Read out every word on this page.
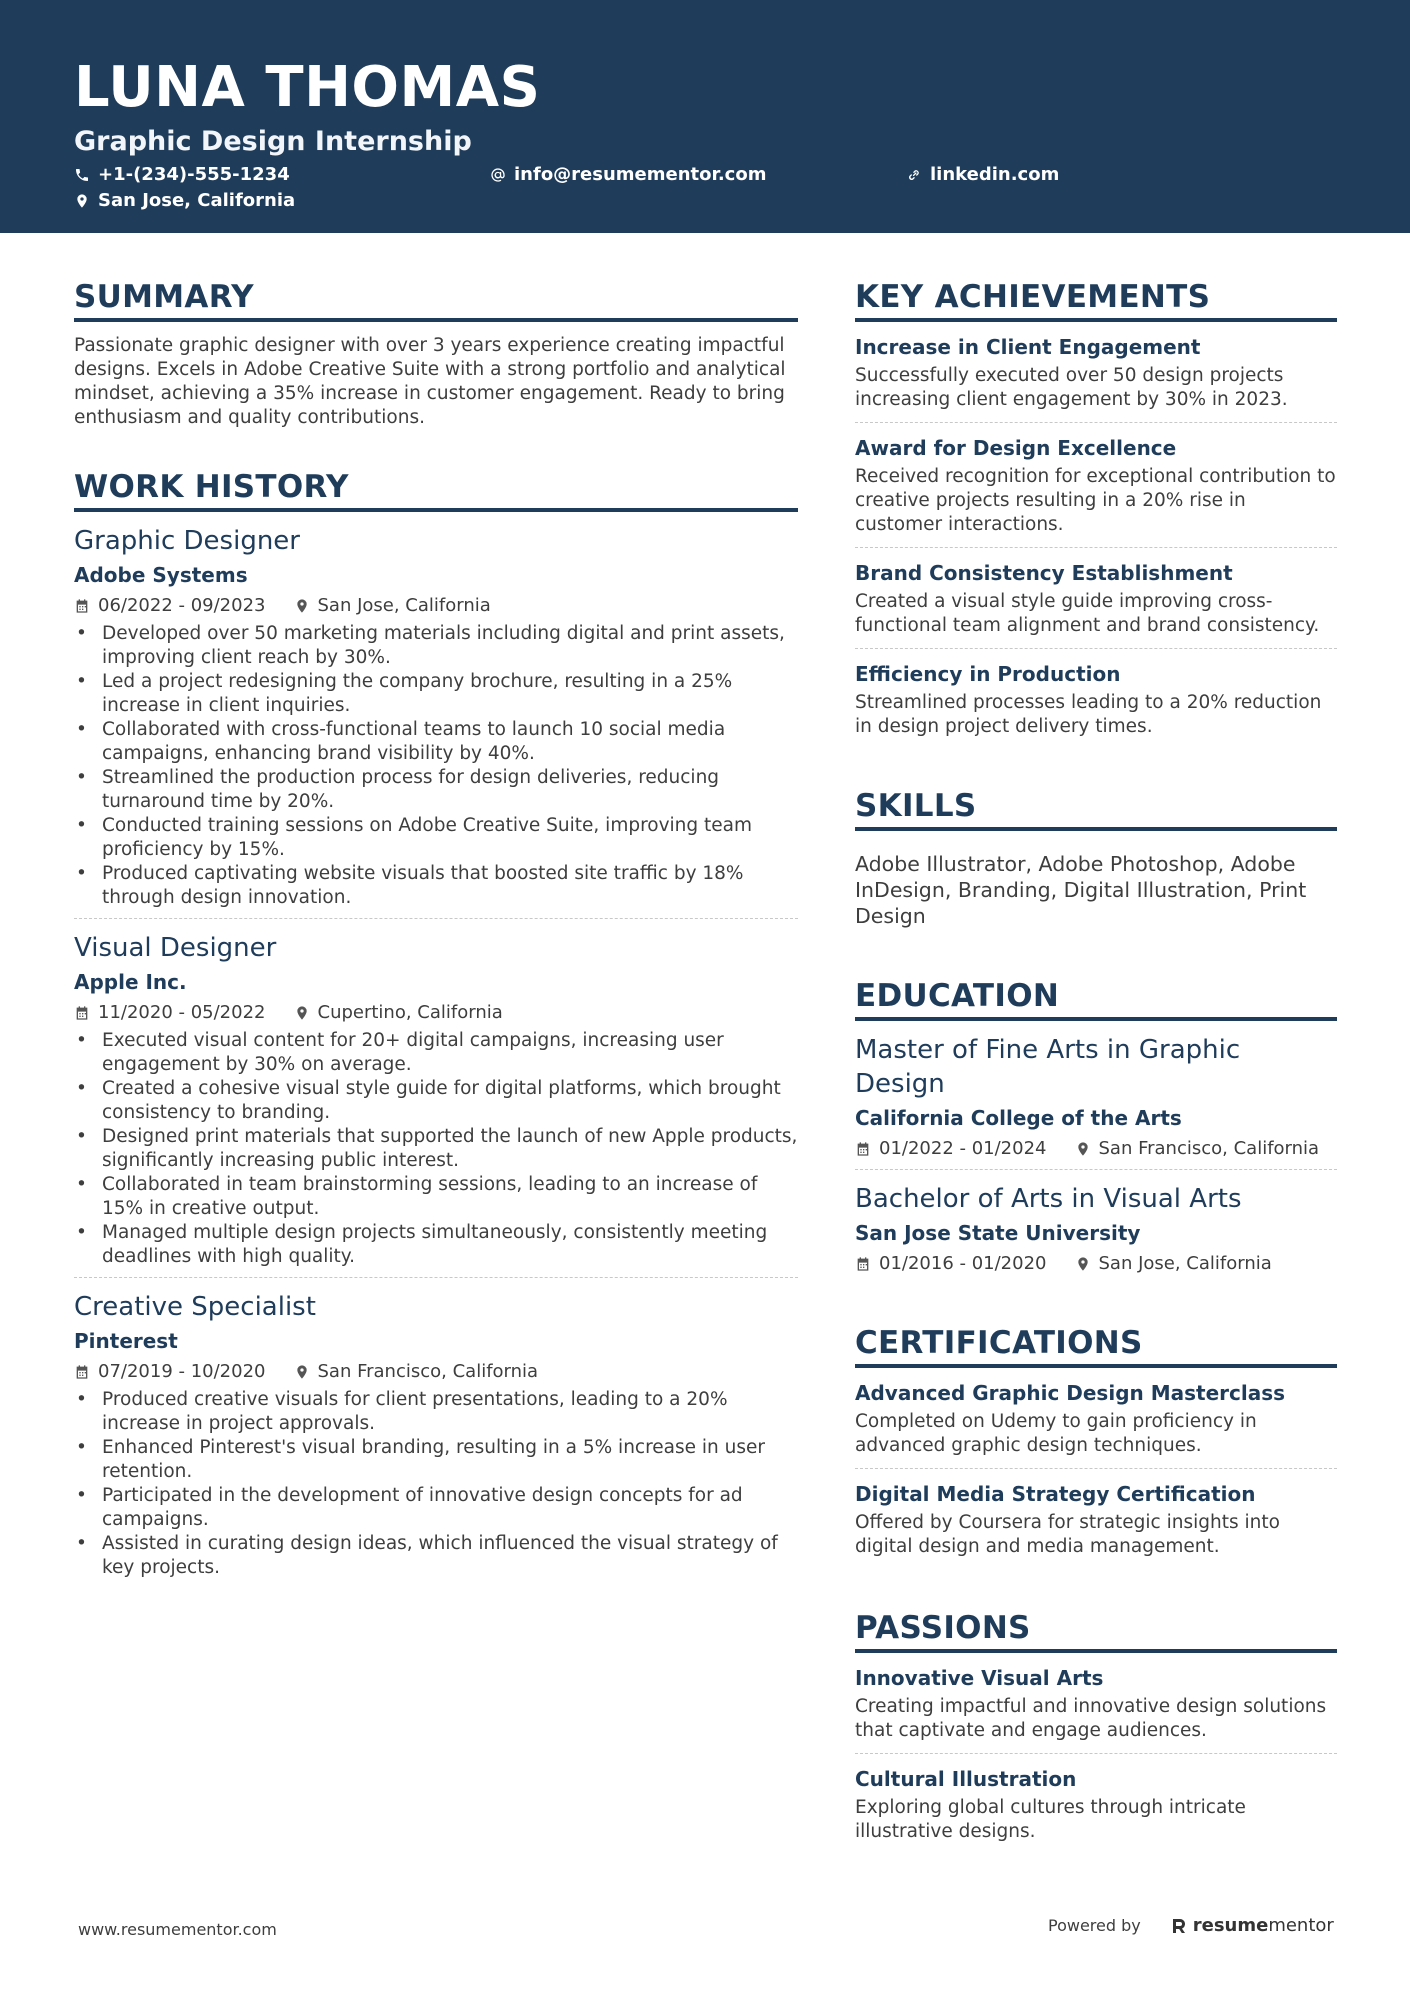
LUNA THOMAS
Graphic Design Internship
+1-(234)-555-1234	info@resumementor.com	linkedin.com
San Jose, California
SUMMARY
Passionate graphic designer with over 3 years experience creating impactful designs. Excels in Adobe Creative Suite with a strong portfolio and analytical mindset, achieving a 35% increase in customer engagement. Ready to bring enthusiasm and quality contributions.
WORK HISTORY
Graphic Designer
Adobe Systems
06/2022 - 09/2023	San Jose, California
• Developed over 50 marketing materials including digital and print assets, improving client reach by 30%.
• Led a project redesigning the company brochure, resulting in a 25% increase in client inquiries.
• Collaborated with cross-functional teams to launch 10 social media campaigns, enhancing brand visibility by 40%.
• Streamlined the production process for design deliveries, reducing turnaround time by 20%.
• Conducted training sessions on Adobe Creative Suite, improving team proficiency by 15%.
• Produced captivating website visuals that boosted site traffic by 18% through design innovation.
Visual Designer
Apple Inc.
11/2020 - 05/2022	Cupertino, California
• Executed visual content for 20+ digital campaigns, increasing user engagement by 30% on average.
• Created a cohesive visual style guide for digital platforms, which brought consistency to branding.
• Designed print materials that supported the launch of new Apple products, significantly increasing public interest.
• Collaborated in team brainstorming sessions, leading to an increase of 15% in creative output.
• Managed multiple design projects simultaneously, consistently meeting deadlines with high quality.
Creative Specialist
Pinterest
07/2019 - 10/2020	San Francisco, California
• Produced creative visuals for client presentations, leading to a 20% increase in project approvals.
• Enhanced Pinterest's visual branding, resulting in a 5% increase in user retention.
• Participated in the development of innovative design concepts for ad campaigns.
• Assisted in curating design ideas, which influenced the visual strategy of key projects.
KEY ACHIEVEMENTS
Increase in Client Engagement
Successfully executed over 50 design projects increasing client engagement by 30% in 2023.
Award for Design Excellence
Received recognition for exceptional contribution to creative projects resulting in a 20% rise in customer interactions.
Brand Consistency Establishment
Created a visual style guide improving cross-functional team alignment and brand consistency.
Efficiency in Production
Streamlined processes leading to a 20% reduction in design project delivery times.
SKILLS
Adobe Illustrator, Adobe Photoshop, Adobe InDesign, Branding, Digital Illustration, Print Design
EDUCATION
Master of Fine Arts in Graphic Design
California College of the Arts
01/2022 - 01/2024	San Francisco, California
Bachelor of Arts in Visual Arts
San Jose State University
01/2016 - 01/2020	San Jose, California
CERTIFICATIONS
Advanced Graphic Design Masterclass
Completed on Udemy to gain proficiency in advanced graphic design techniques.
Digital Media Strategy Certification
Offered by Coursera for strategic insights into digital design and media management.
PASSIONS
Innovative Visual Arts
Creating impactful and innovative design solutions that captivate and engage audiences.
Cultural Illustration
Exploring global cultures through intricate illustrative designs.
www.resumementor.com	Powered by	resumementor
